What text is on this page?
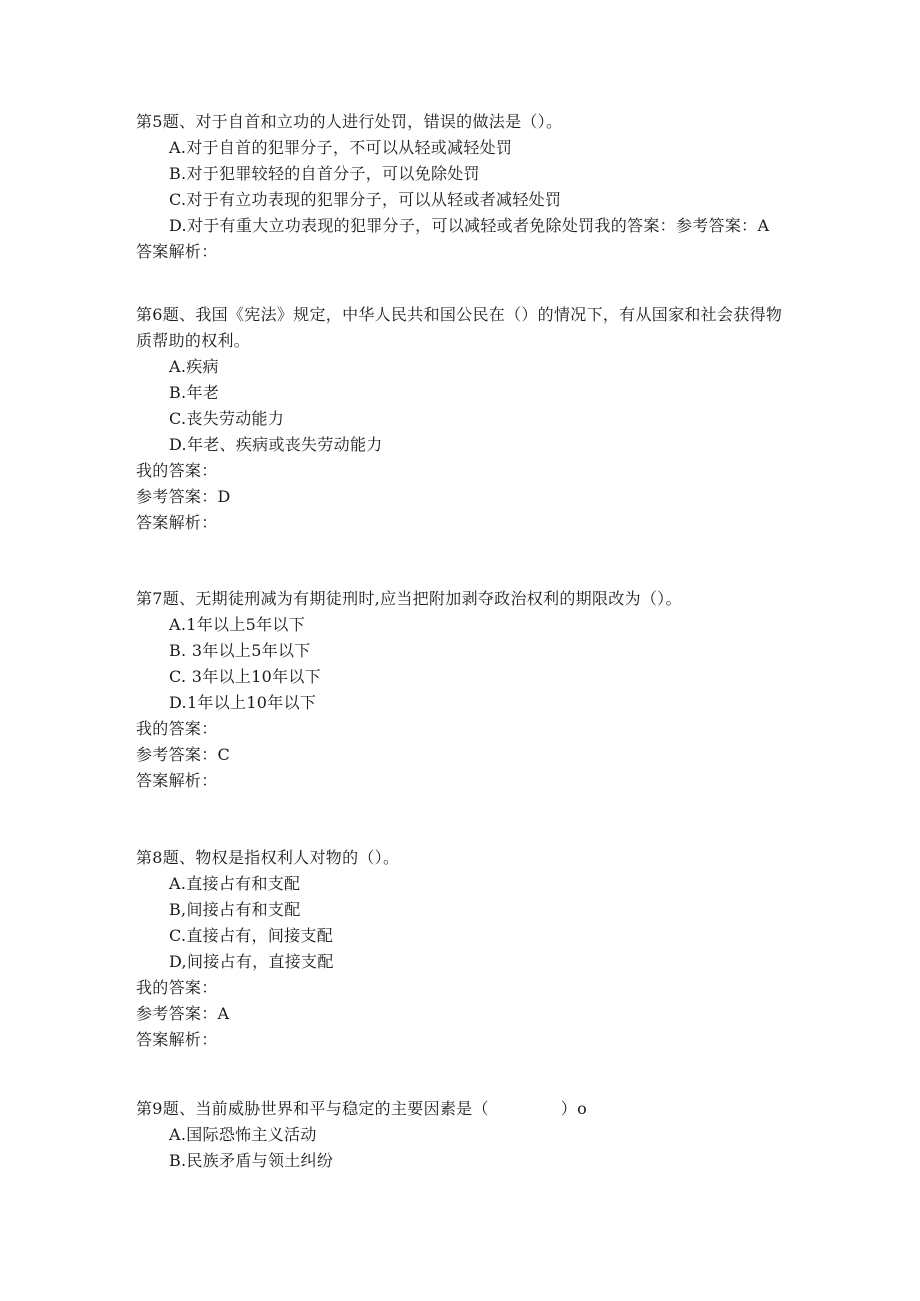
第5题、对于自首和立功的人进行处罚，错误的做法是（）。
A.对于自首的犯罪分子，不可以从轻或减轻处罚
B.对于犯罪较轻的自首分子，可以免除处罚
C.对于有立功表现的犯罪分子，可以从轻或者减轻处罚
D.对于有重大立功表现的犯罪分子，可以减轻或者免除处罚我的答案：参考答案：A
答案解析：
第6题、我国《宪法》规定，中华人民共和国公民在（）的情况下，有从国家和社会获得物质帮助的权利。
A.疾病
B.年老
C.丧失劳动能力
D.年老、疾病或丧失劳动能力
我的答案：
参考答案：D
答案解析：
第7题、无期徒刑减为有期徒刑时,应当把附加剥夺政治权利的期限改为（）。
A.1年以上5年以下
B. 3年以上5年以下
C. 3年以上10年以下
D.1年以上10年以下
我的答案：
参考答案：C
答案解析：
第8题、物权是指权利人对物的（）。
A.直接占有和支配
B,间接占有和支配
C.直接占有，间接支配
D,间接占有，直接支配
我的答案：
参考答案：A
答案解析：
第9题、当前威胁世界和平与稳定的主要因素是（	）o
A.国际恐怖主义活动
B.民族矛盾与领土纠纷
